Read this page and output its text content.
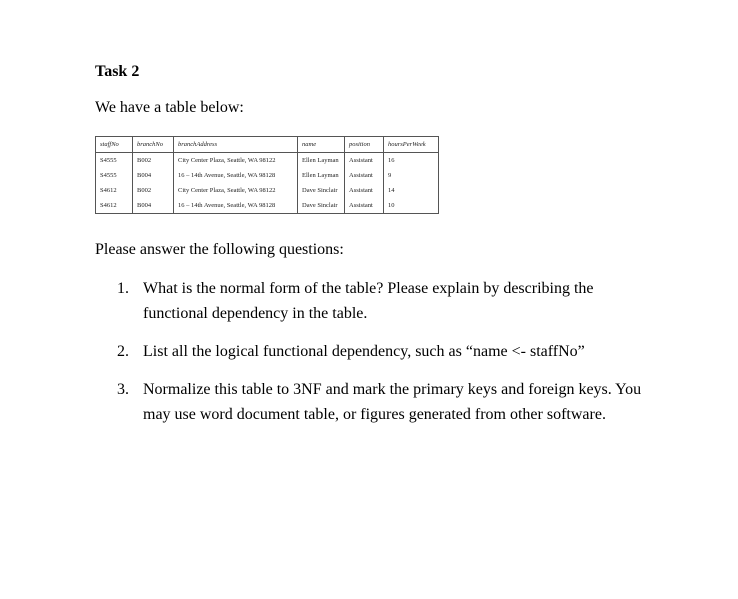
Task 2

We have a table below:

staffNo	branchNo	branchAddress	name	position	hoursPerWeek
S4555	B002	City Center Plaza, Seattle, WA 98122	Ellen Layman	Assistant	16
S4555	B004	16 – 14th Avenue, Seattle, WA 98128	Ellen Layman	Assistant	9
S4612	B002	City Center Plaza, Seattle, WA 98122	Dave Sinclair	Assistant	14
S4612	B004	16 – 14th Avenue, Seattle, WA 98128	Dave Sinclair	Assistant	10

Please answer the following questions:

1. What is the normal form of the table? Please explain by describing the functional dependency in the table.
2. List all the logical functional dependency, such as “name <- staffNo”
3. Normalize this table to 3NF and mark the primary keys and foreign keys. You may use word document table, or figures generated from other software.
